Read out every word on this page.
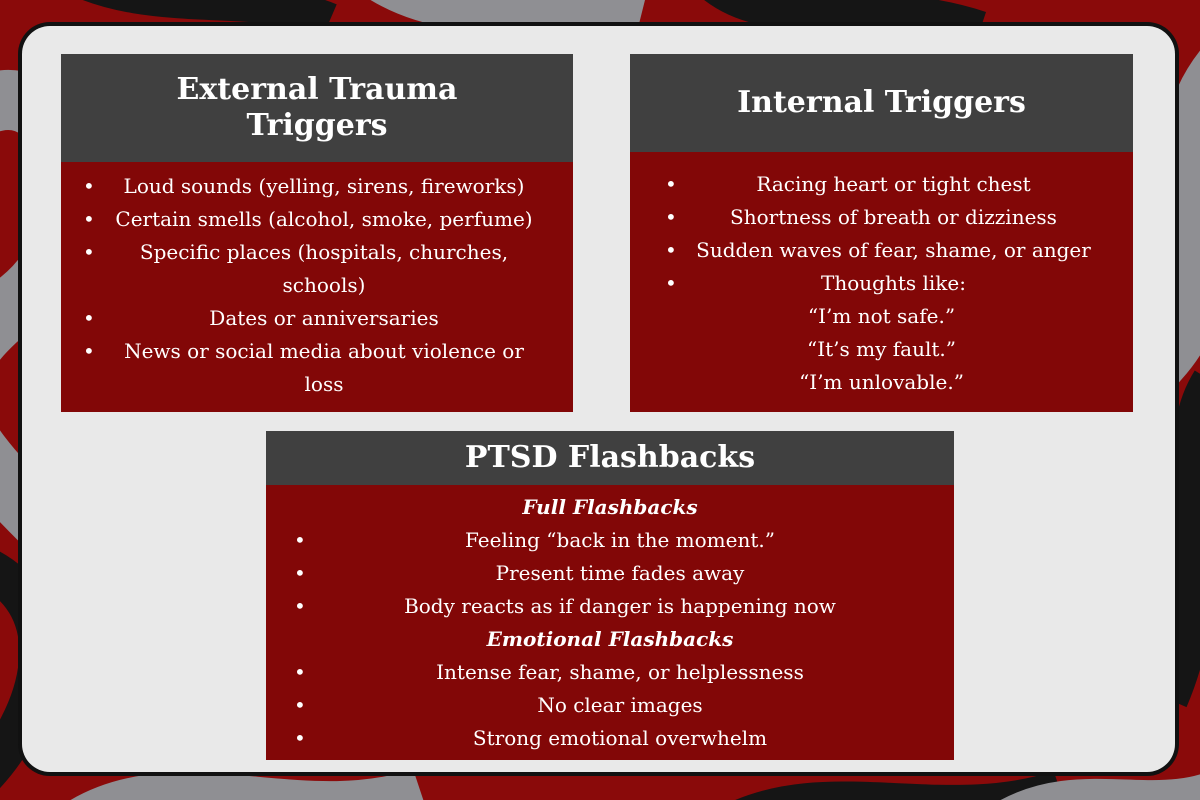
External Trauma
Triggers
• Loud sounds (yelling, sirens, fireworks)
• Certain smells (alcohol, smoke, perfume)
• Specific places (hospitals, churches, schools)
• Dates or anniversaries
• News or social media about violence or loss
Internal Triggers
• Racing heart or tight chest
• Shortness of breath or dizziness
• Sudden waves of fear, shame, or anger
• Thoughts like:
“I’m not safe.”
“It’s my fault.”
“I’m unlovable.”
PTSD Flashbacks
Full Flashbacks
• Feeling “back in the moment.”
• Present time fades away
• Body reacts as if danger is happening now
Emotional Flashbacks
• Intense fear, shame, or helplessness
• No clear images
• Strong emotional overwhelm
